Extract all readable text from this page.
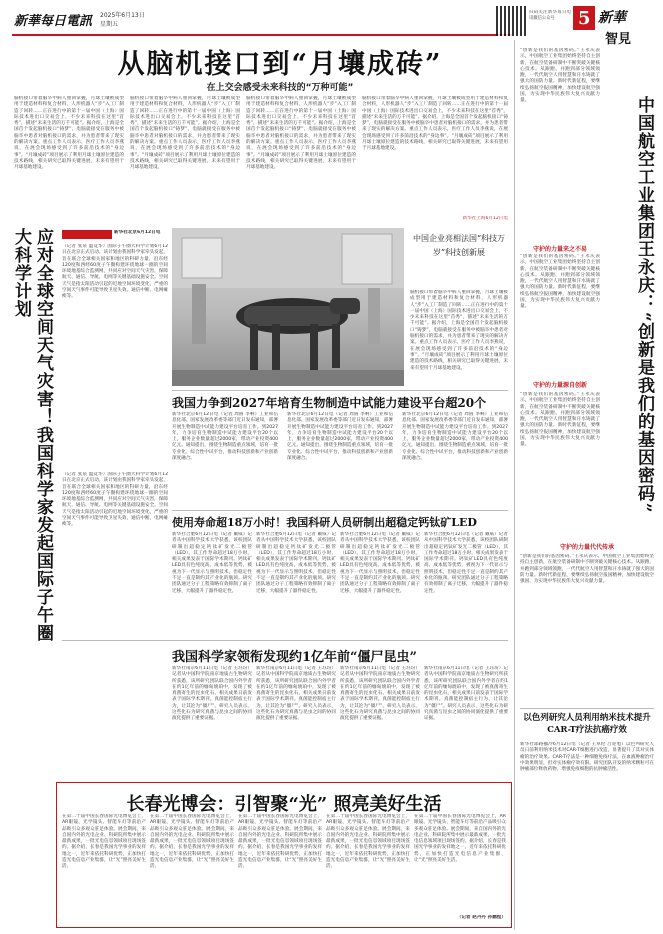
新華每日電訊 2025年6月13日
星期五
扫码关注新华每日电讯微信公众号	5 新華
智見
从脑机接口到“月壤成砖”
在上交会感受未来科技的“万种可能”
脑机接口带着脑卒中病人重回掌握，月球土壤被成型用于建造材料和复合材料，人形机器人“步”入工厂制造了回转……正在进行中的第十一届中国（上海）国际技术进出口交易会上，不少未来科技在这里“首秀”，描述“未来生活的万千可能”。据介绍，上海是全国首个发起脑机接口“铸梦”，电脑就接受在服务中被脑卒中患者对脑机接口的需求，并为患者带来了现实的解决方案。重点工作人员表示，医疗工作人员李燕说，在展会现场感受到了许多前沿技术的“身边事”。“月壤成砖”项目展示了利用月球土壤原位建造的技术路线，相关研究已取得关键进展，未来有望用于月球基地建设。
脑机接口带着脑卒中病人重回掌握，月球土壤被成型用于建造材料和复合材料，人形机器人“步”入工厂制造了回转……正在进行中的第十一届中国（上海）国际技术进出口交易会上，不少未来科技在这里“首秀”，描述“未来生活的万千可能”。据介绍，上海是全国首个发起脑机接口“铸梦”，电脑就接受在服务中被脑卒中患者对脑机接口的需求，并为患者带来了现实的解决方案。重点工作人员表示，医疗工作人员李燕说，在展会现场感受到了许多前沿技术的“身边事”。“月壤成砖”项目展示了利用月球土壤原位建造的技术路线，相关研究已取得关键进展，未来有望用于月球基地建设。
脑机接口带着脑卒中病人重回掌握，月球土壤被成型用于建造材料和复合材料，人形机器人“步”入工厂制造了回转……正在进行中的第十一届中国（上海）国际技术进出口交易会上，不少未来科技在这里“首秀”，描述“未来生活的万千可能”。据介绍，上海是全国首个发起脑机接口“铸梦”，电脑就接受在服务中被脑卒中患者对脑机接口的需求，并为患者带来了现实的解决方案。重点工作人员表示，医疗工作人员李燕说，在展会现场感受到了许多前沿技术的“身边事”。“月壤成砖”项目展示了利用月球土壤原位建造的技术路线，相关研究已取得关键进展，未来有望用于月球基地建设。
脑机接口带着脑卒中病人重回掌握，月球土壤被成型用于建造材料和复合材料，人形机器人“步”入工厂制造了回转……正在进行中的第十一届中国（上海）国际技术进出口交易会上，不少未来科技在这里“首秀”，描述“未来生活的万千可能”。据介绍，上海是全国首个发起脑机接口“铸梦”，电脑就接受在服务中被脑卒中患者对脑机接口的需求，并为患者带来了现实的解决方案。重点工作人员表示，医疗工作人员李燕说，在展会现场感受到了许多前沿技术的“身边事”。“月壤成砖”项目展示了利用月球土壤原位建造的技术路线，相关研究已取得关键进展，未来有望用于月球基地建设。
新华社上海6月12日电
应对全球空间天气灾害！我国科学家发起国际子午圈大科学计划	新华社北京6月12日电
（记者 张泉 温竞华）国际子午圈大科学计划6月12日在北京正式启动。该计划由我国科学家牵头发起，旨在联合全球相关国家和地区的科研力量，沿东经120度和西经60度子午圈构建环绕地球一圈的空间环境地基综合监测网，共同应对空间天气灾害，保障航天、通信、导航、电网等关键基础设施安全。空间天气是指太阳活动引起的近地空间环境变化，严重的空间天气事件可能导致卫星失效、通信中断、电网瘫痪等。
（记者 张泉 温竞华）国际子午圈大科学计划6月12日在北京正式启动。该计划由我国科学家牵头发起，旨在联合全球相关国家和地区的科研力量，沿东经120度和西经60度子午圈构建环绕地球一圈的空间环境地基综合监测网，共同应对空间天气灾害，保障航天、通信、导航、电网等关键基础设施安全。空间天气是指太阳活动引起的近地空间环境变化，严重的空间天气事件可能导致卫星失效、通信中断、电网瘫痪等。
中国企业亮相法国“科技万岁”科技创新展
脑机接口带着脑卒中病人重回掌握，月球土壤被成型用于建造材料和复合材料，人形机器人“步”入工厂制造了回转……正在进行中的第十一届中国（上海）国际技术进出口交易会上，不少未来科技在这里“首秀”，描述“未来生活的万千可能”。据介绍，上海是全国首个发起脑机接口“铸梦”，电脑就接受在服务中被脑卒中患者对脑机接口的需求，并为患者带来了现实的解决方案。重点工作人员表示，医疗工作人员李燕说，在展会现场感受到了许多前沿技术的“身边事”。“月壤成砖”项目展示了利用月球土壤原位建造的技术路线，相关研究已取得关键进展，未来有望用于月球基地建设。
我国力争到2027年培育生物制造中试能力建设平台超20个
新华社北京6月12日电（记者 周圆 李响）工业和信息化部、国家发展改革委等部门近日发布通知，部署开展生物制造中试能力建设平台培育工作。到2027年，力争培育生物制造中试能力建设平台20个以上，服务企业数量超过2000家，带动产业投资400亿元。通知提出，围绕生物制造重点领域，培育一批专业化、综合性中试平台，推动科技创新和产业创新深度融合。
新华社北京6月12日电（记者 周圆 李响）工业和信息化部、国家发展改革委等部门近日发布通知，部署开展生物制造中试能力建设平台培育工作。到2027年，力争培育生物制造中试能力建设平台20个以上，服务企业数量超过2000家，带动产业投资400亿元。通知提出，围绕生物制造重点领域，培育一批专业化、综合性中试平台，推动科技创新和产业创新深度融合。
新华社北京6月12日电（记者 周圆 李响）工业和信息化部、国家发展改革委等部门近日发布通知，部署开展生物制造中试能力建设平台培育工作。到2027年，力争培育生物制造中试能力建设平台20个以上，服务企业数量超过2000家，带动产业投资400亿元。通知提出，围绕生物制造重点领域，培育一批专业化、综合性中试平台，推动科技创新和产业创新深度融合。
使用寿命超18万小时！我国科研人员研制出超稳定钙钛矿LED
新华社合肥6月12日电（记者 戴威）记者从中国科学技术大学获悉，该校团队研制出超稳定钙钛矿发光二极管（LED），其工作寿命超过18万小时，相关成果发表于国际学术期刊。钙钛矿LED具有色纯度高、成本低等优势，被视为下一代显示与照明技术，但稳定性不足一直是制约其产业化的瓶颈。研究团队通过分子工程策略有效抑制了离子迁移，大幅提升了器件稳定性。
新华社合肥6月12日电（记者 戴威）记者从中国科学技术大学获悉，该校团队研制出超稳定钙钛矿发光二极管（LED），其工作寿命超过18万小时，相关成果发表于国际学术期刊。钙钛矿LED具有色纯度高、成本低等优势，被视为下一代显示与照明技术，但稳定性不足一直是制约其产业化的瓶颈。研究团队通过分子工程策略有效抑制了离子迁移，大幅提升了器件稳定性。
新华社合肥6月12日电（记者 戴威）记者从中国科学技术大学获悉，该校团队研制出超稳定钙钛矿发光二极管（LED），其工作寿命超过18万小时，相关成果发表于国际学术期刊。钙钛矿LED具有色纯度高、成本低等优势，被视为下一代显示与照明技术，但稳定性不足一直是制约其产业化的瓶颈。研究团队通过分子工程策略有效抑制了离子迁移，大幅提升了器件稳定性。
新华社合肥6月12日电（记者 戴威）记者从中国科学技术大学获悉，该校团队研制出超稳定钙钛矿发光二极管（LED），其工作寿命超过18万小时，相关成果发表于国际学术期刊。钙钛矿LED具有色纯度高、成本低等优势，被视为下一代显示与照明技术，但稳定性不足一直是制约其产业化的瓶颈。研究团队通过分子工程策略有效抑制了离子迁移，大幅提升了器件稳定性。
我国科学家领衔发现约1亿年前“僵尸昆虫”
新华社南京6月11日电（记者 王珏玢）记者从中国科学院南京地质古生物研究所获悉，该所研究团队联合国内外学者在约1亿年前的缅甸琥珀中，发现了被真菌寄生的昆虫化石，相关成果日前发表于国际学术期刊。真菌能控制宿主行为，让其沦为“僵尸”。研究人员表示，这些化石为研究真菌与昆虫之间的协同演化提供了重要证据。
新华社南京6月11日电（记者 王珏玢）记者从中国科学院南京地质古生物研究所获悉，该所研究团队联合国内外学者在约1亿年前的缅甸琥珀中，发现了被真菌寄生的昆虫化石，相关成果日前发表于国际学术期刊。真菌能控制宿主行为，让其沦为“僵尸”。研究人员表示，这些化石为研究真菌与昆虫之间的协同演化提供了重要证据。
新华社南京6月11日电（记者 王珏玢）记者从中国科学院南京地质古生物研究所获悉，该所研究团队联合国内外学者在约1亿年前的缅甸琥珀中，发现了被真菌寄生的昆虫化石，相关成果日前发表于国际学术期刊。真菌能控制宿主行为，让其沦为“僵尸”。研究人员表示，这些化石为研究真菌与昆虫之间的协同演化提供了重要证据。
新华社南京6月11日电（记者 王珏玢）记者从中国科学院南京地质古生物研究所获悉，该所研究团队联合国内外学者在约1亿年前的缅甸琥珀中，发现了被真菌寄生的昆虫化石，相关成果日前发表于国际学术期刊。真菌能控制宿主行为，让其沦为“僵尸”。研究人员表示，这些化石为研究真菌与昆虫之间的协同演化提供了重要证据。
长春光博会：引智聚“光” 照亮美好生活
在第二十届中国长春国际光电博览会上，AR眼镜、光学镜头、智能车灯等前沿产品吸引众多观众驻足体验。展会期间，来自国内外的光电企业、科研院所集中展示最新成果，一批光电信息领域项目现场签约。据介绍，长春是我国光学事业的发祥地之一，近年来依托科研优势，正加快打造光电信息产业集群，让“光”照亮美好生活。
在第二十届中国长春国际光电博览会上，AR眼镜、光学镜头、智能车灯等前沿产品吸引众多观众驻足体验。展会期间，来自国内外的光电企业、科研院所集中展示最新成果，一批光电信息领域项目现场签约。据介绍，长春是我国光学事业的发祥地之一，近年来依托科研优势，正加快打造光电信息产业集群，让“光”照亮美好生活。
在第二十届中国长春国际光电博览会上，AR眼镜、光学镜头、智能车灯等前沿产品吸引众多观众驻足体验。展会期间，来自国内外的光电企业、科研院所集中展示最新成果，一批光电信息领域项目现场签约。据介绍，长春是我国光学事业的发祥地之一，近年来依托科研优势，正加快打造光电信息产业集群，让“光”照亮美好生活。
在第二十届中国长春国际光电博览会上，AR眼镜、光学镜头、智能车灯等前沿产品吸引众多观众驻足体验。展会期间，来自国内外的光电企业、科研院所集中展示最新成果，一批光电信息领域项目现场签约。据介绍，长春是我国光学事业的发祥地之一，近年来依托科研优势，正加快打造光电信息产业集群，让“光”照亮美好生活。
在第二十届中国长春国际光电博览会上，AR眼镜、光学镜头、智能车灯等前沿产品吸引众多观众驻足体验。展会期间，来自国内外的光电企业、科研院所集中展示最新成果，一批光电信息领域项目现场签约。据介绍，长春是我国光学事业的发祥地之一，近年来依托科研优势，正加快打造光电信息产业集群，让“光”照亮美好生活。
（记者 赵丹丹 孙鹏程）
“创新是我们的基因密码。”王永庆表示，中国航空工业集团始终坚持自主创新，在航空装备研制中不断突破关键核心技术。从跟跑、并跑到部分领域领跑，一代代航空人用智慧和汗水铸就了强大的国防力量。新时代新征程，要继续弘扬航空报国精神，加快建设航空强国，为实现中华民族伟大复兴贡献力量。	中国航空工业集团王永庆：“创新是我们的基因密码”
守护的力量来之不易
“创新是我们的基因密码。”王永庆表示，中国航空工业集团始终坚持自主创新，在航空装备研制中不断突破关键核心技术。从跟跑、并跑到部分领域领跑，一代代航空人用智慧和汗水铸就了强大的国防力量。新时代新征程，要继续弘扬航空报国精神，加快建设航空强国，为实现中华民族伟大复兴贡献力量。
守护的力量源自创新
“创新是我们的基因密码。”王永庆表示，中国航空工业集团始终坚持自主创新，在航空装备研制中不断突破关键核心技术。从跟跑、并跑到部分领域领跑，一代代航空人用智慧和汗水铸就了强大的国防力量。新时代新征程，要继续弘扬航空报国精神，加快建设航空强国，为实现中华民族伟大复兴贡献力量。
守护的力量代代传承
“创新是我们的基因密码。”王永庆表示，中国航空工业集团始终坚持自主创新，在航空装备研制中不断突破关键核心技术。从跟跑、并跑到部分领域领跑，一代代航空人用智慧和汗水铸就了强大的国防力量。新时代新征程，要继续弘扬航空报国精神，加快建设航空强国，为实现中华民族伟大复兴贡献力量。
以色列研究人员利用纳米技术提升CAR-T疗法抗癌疗效
新华社耶路撒冷6月12日电（记者 王卓伦 吕迎旭）以色列研究人员日前利用纳米技术对CAR-T细胞进行改造，显著提升了其对实体瘤的治疗效果。CAR-T疗法是一种细胞免疫疗法，在血液肿瘤治疗中效果明显，但对实体瘤疗效有限。研究团队开发的纳米颗粒可在肿瘤部位释放药物，增强免疫细胞的抗肿瘤活性。
